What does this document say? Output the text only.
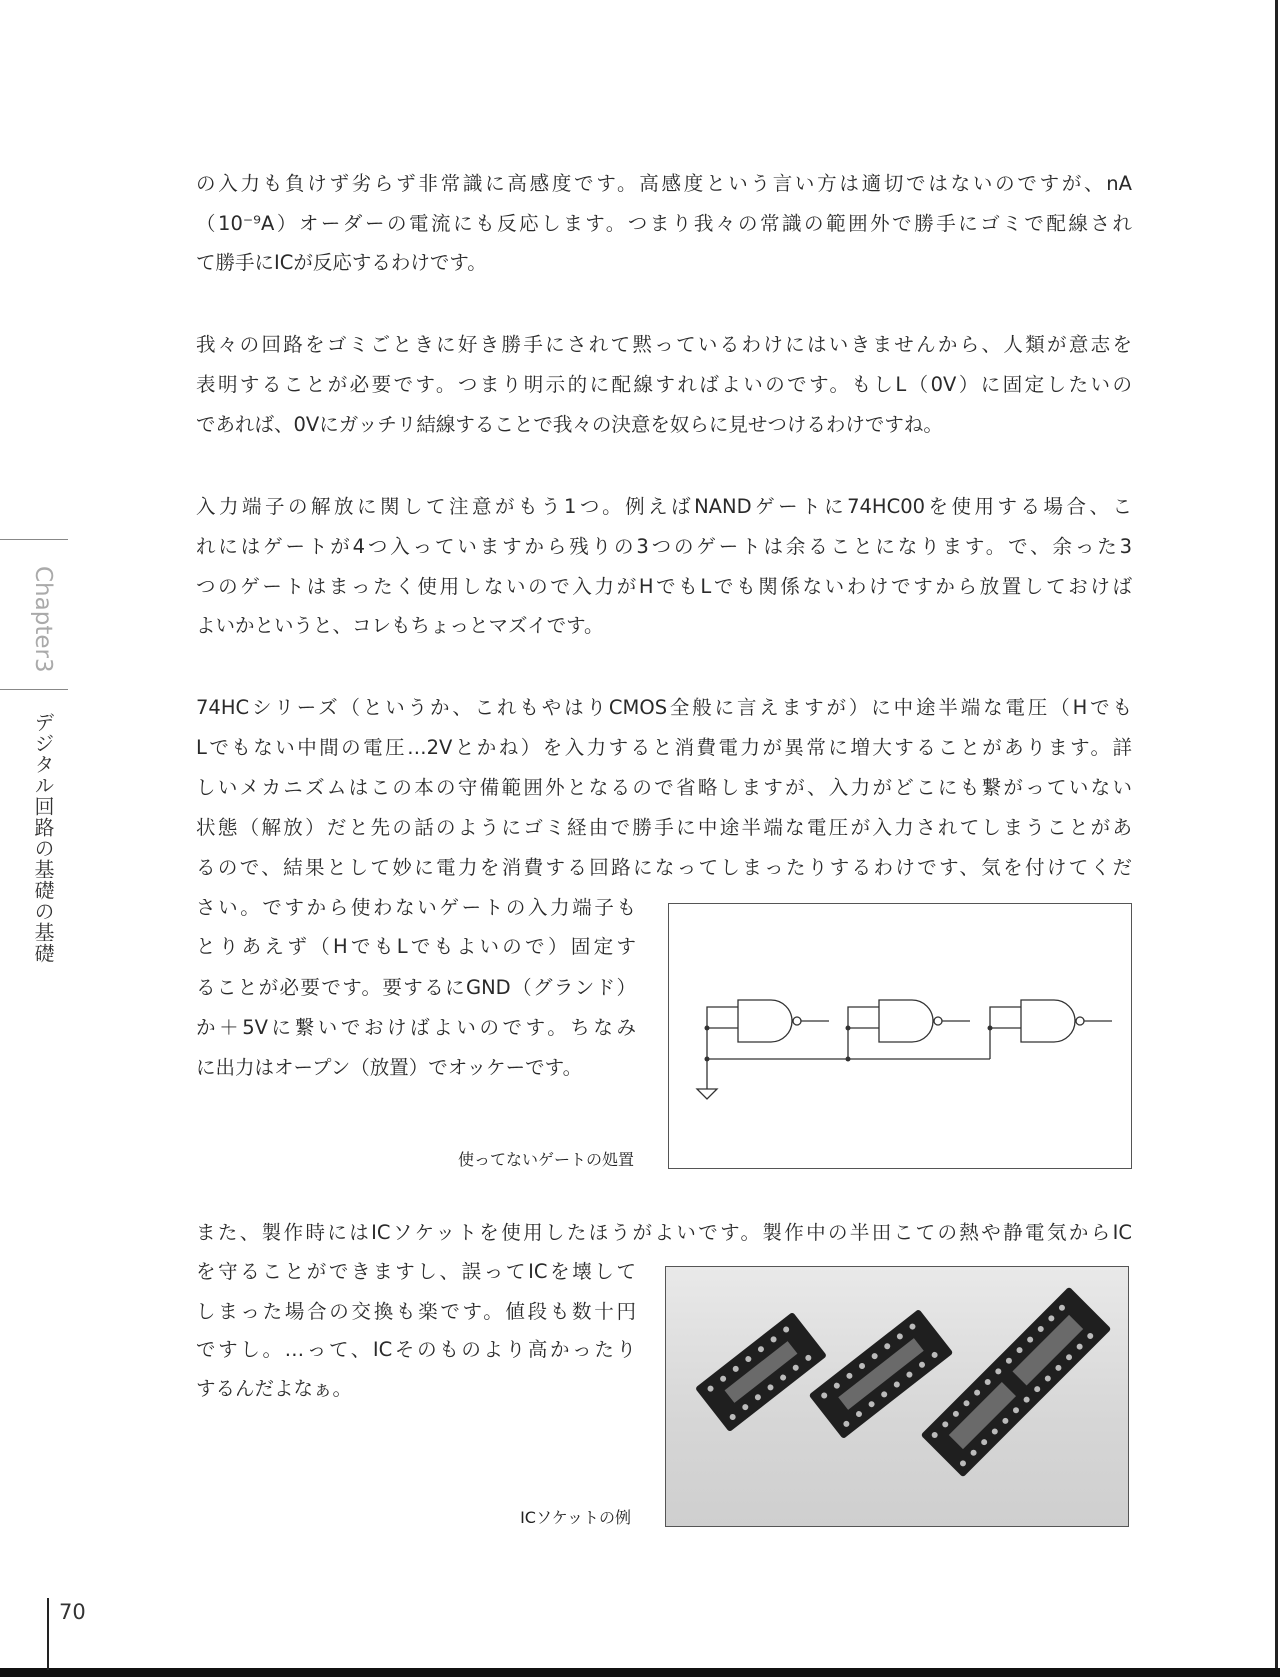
の入力も負けず劣らず非常識に高感度です。高感度という言い方は適切ではないのですが、nA
（10⁻⁹A）オーダーの電流にも反応します。つまり我々の常識の範囲外で勝手にゴミで配線され
て勝手にICが反応するわけです。
我々の回路をゴミごときに好き勝手にされて黙っているわけにはいきませんから、人類が意志を
表明することが必要です。つまり明示的に配線すればよいのです。もしL（0V）に固定したいの
であれば、0Vにガッチリ結線することで我々の決意を奴らに見せつけるわけですね。
入力端子の解放に関して注意がもう1つ。例えばNANDゲートに74HC00を使用する場合、こ
れにはゲートが4つ入っていますから残りの3つのゲートは余ることになります。で、余った3
つのゲートはまったく使用しないので入力がHでもLでも関係ないわけですから放置しておけば
よいかというと、コレもちょっとマズイです。
74HCシリーズ（というか、これもやはりCMOS全般に言えますが）に中途半端な電圧（Hでも
Lでもない中間の電圧…2Vとかね）を入力すると消費電力が異常に増大することがあります。詳
しいメカニズムはこの本の守備範囲外となるので省略しますが、入力がどこにも繋がっていない
状態（解放）だと先の話のようにゴミ経由で勝手に中途半端な電圧が入力されてしまうことがあ
るので、結果として妙に電力を消費する回路になってしまったりするわけです、気を付けてくだ
さい。ですから使わないゲートの入力端子も
とりあえず（HでもLでもよいので）固定す
ることが必要です。要するにGND（グランド）
か＋5Vに繋いでおけばよいのです。ちなみ
に出力はオープン（放置）でオッケーです。
また、製作時にはICソケットを使用したほうがよいです。製作中の半田こての熱や静電気からIC
を守ることができますし、誤ってICを壊して
しまった場合の交換も楽です。値段も数十円
ですし。…って、ICそのものより高かったり
するんだよなぁ。
Chapter3
デジタル回路の基礎の基礎
使ってないゲートの処置
ICソケットの例
70
